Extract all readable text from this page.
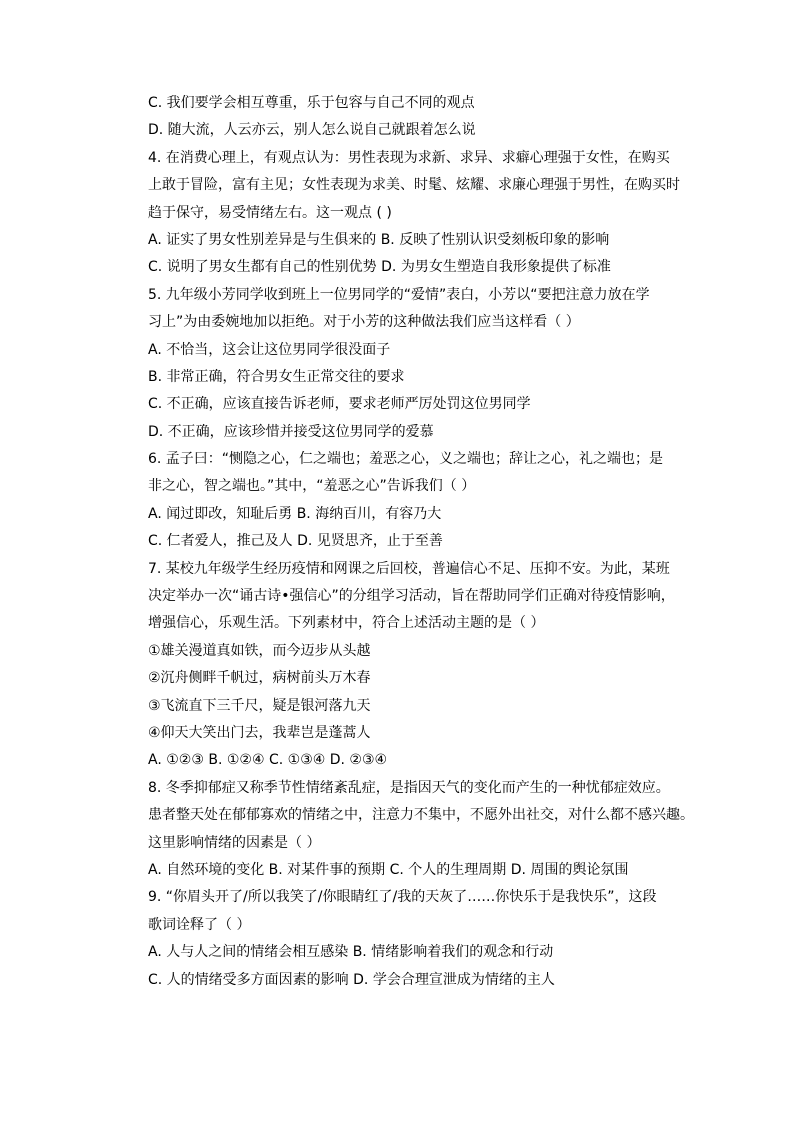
C. 我们要学会相互尊重，乐于包容与自己不同的观点
D. 随大流，人云亦云，别人怎么说自己就跟着怎么说
4. 在消费心理上，有观点认为：男性表现为求新、求异、求癖心理强于女性，在购买
上敢于冒险，富有主见；女性表现为求美、时髦、炫耀、求廉心理强于男性，在购买时
趋于保守，易受情绪左右。这一观点 ( )
A. 证实了男女性别差异是与生俱来的 B. 反映了性别认识受刻板印象的影响
C. 说明了男女生都有自己的性别优势 D. 为男女生塑造自我形象提供了标准
5. 九年级小芳同学收到班上一位男同学的“爱情”表白，小芳以“要把注意力放在学
习上”为由委婉地加以拒绝。对于小芳的这种做法我们应当这样看（ ）
A. 不恰当，这会让这位男同学很没面子
B. 非常正确，符合男女生正常交往的要求
C. 不正确，应该直接告诉老师，要求老师严厉处罚这位男同学
D. 不正确，应该珍惜并接受这位男同学的爱慕
6. 孟子曰：“恻隐之心，仁之端也；羞恶之心，义之端也；辞让之心，礼之端也；是
非之心，智之端也。”其中，“羞恶之心”告诉我们（ ）
A. 闻过即改，知耻后勇 B. 海纳百川，有容乃大
C. 仁者爱人，推己及人 D. 见贤思齐，止于至善
7. 某校九年级学生经历疫情和网课之后回校，普遍信心不足、压抑不安。为此，某班
决定举办一次“诵古诗•强信心”的分组学习活动，旨在帮助同学们正确对待疫情影响，
增强信心，乐观生活。下列素材中，符合上述活动主题的是（ ）
①雄关漫道真如铁，而今迈步从头越
②沉舟侧畔千帆过，病树前头万木春
③飞流直下三千尺，疑是银河落九天
④仰天大笑出门去，我辈岂是蓬蒿人
A. ①②③ B. ①②④ C. ①③④ D. ②③④
8. 冬季抑郁症又称季节性情绪紊乱症，是指因天气的变化而产生的一种忧郁症效应。
患者整天处在郁郁寡欢的情绪之中，注意力不集中，不愿外出社交，对什么都不感兴趣。
这里影响情绪的因素是（ ）
A. 自然环境的变化 B. 对某件事的预期 C. 个人的生理周期 D. 周围的舆论氛围
9. “你眉头开了/所以我笑了/你眼睛红了/我的天灰了……你快乐于是我快乐”，这段
歌词诠释了（ ）
A. 人与人之间的情绪会相互感染 B. 情绪影响着我们的观念和行动
C. 人的情绪受多方面因素的影响 D. 学会合理宣泄成为情绪的主人
